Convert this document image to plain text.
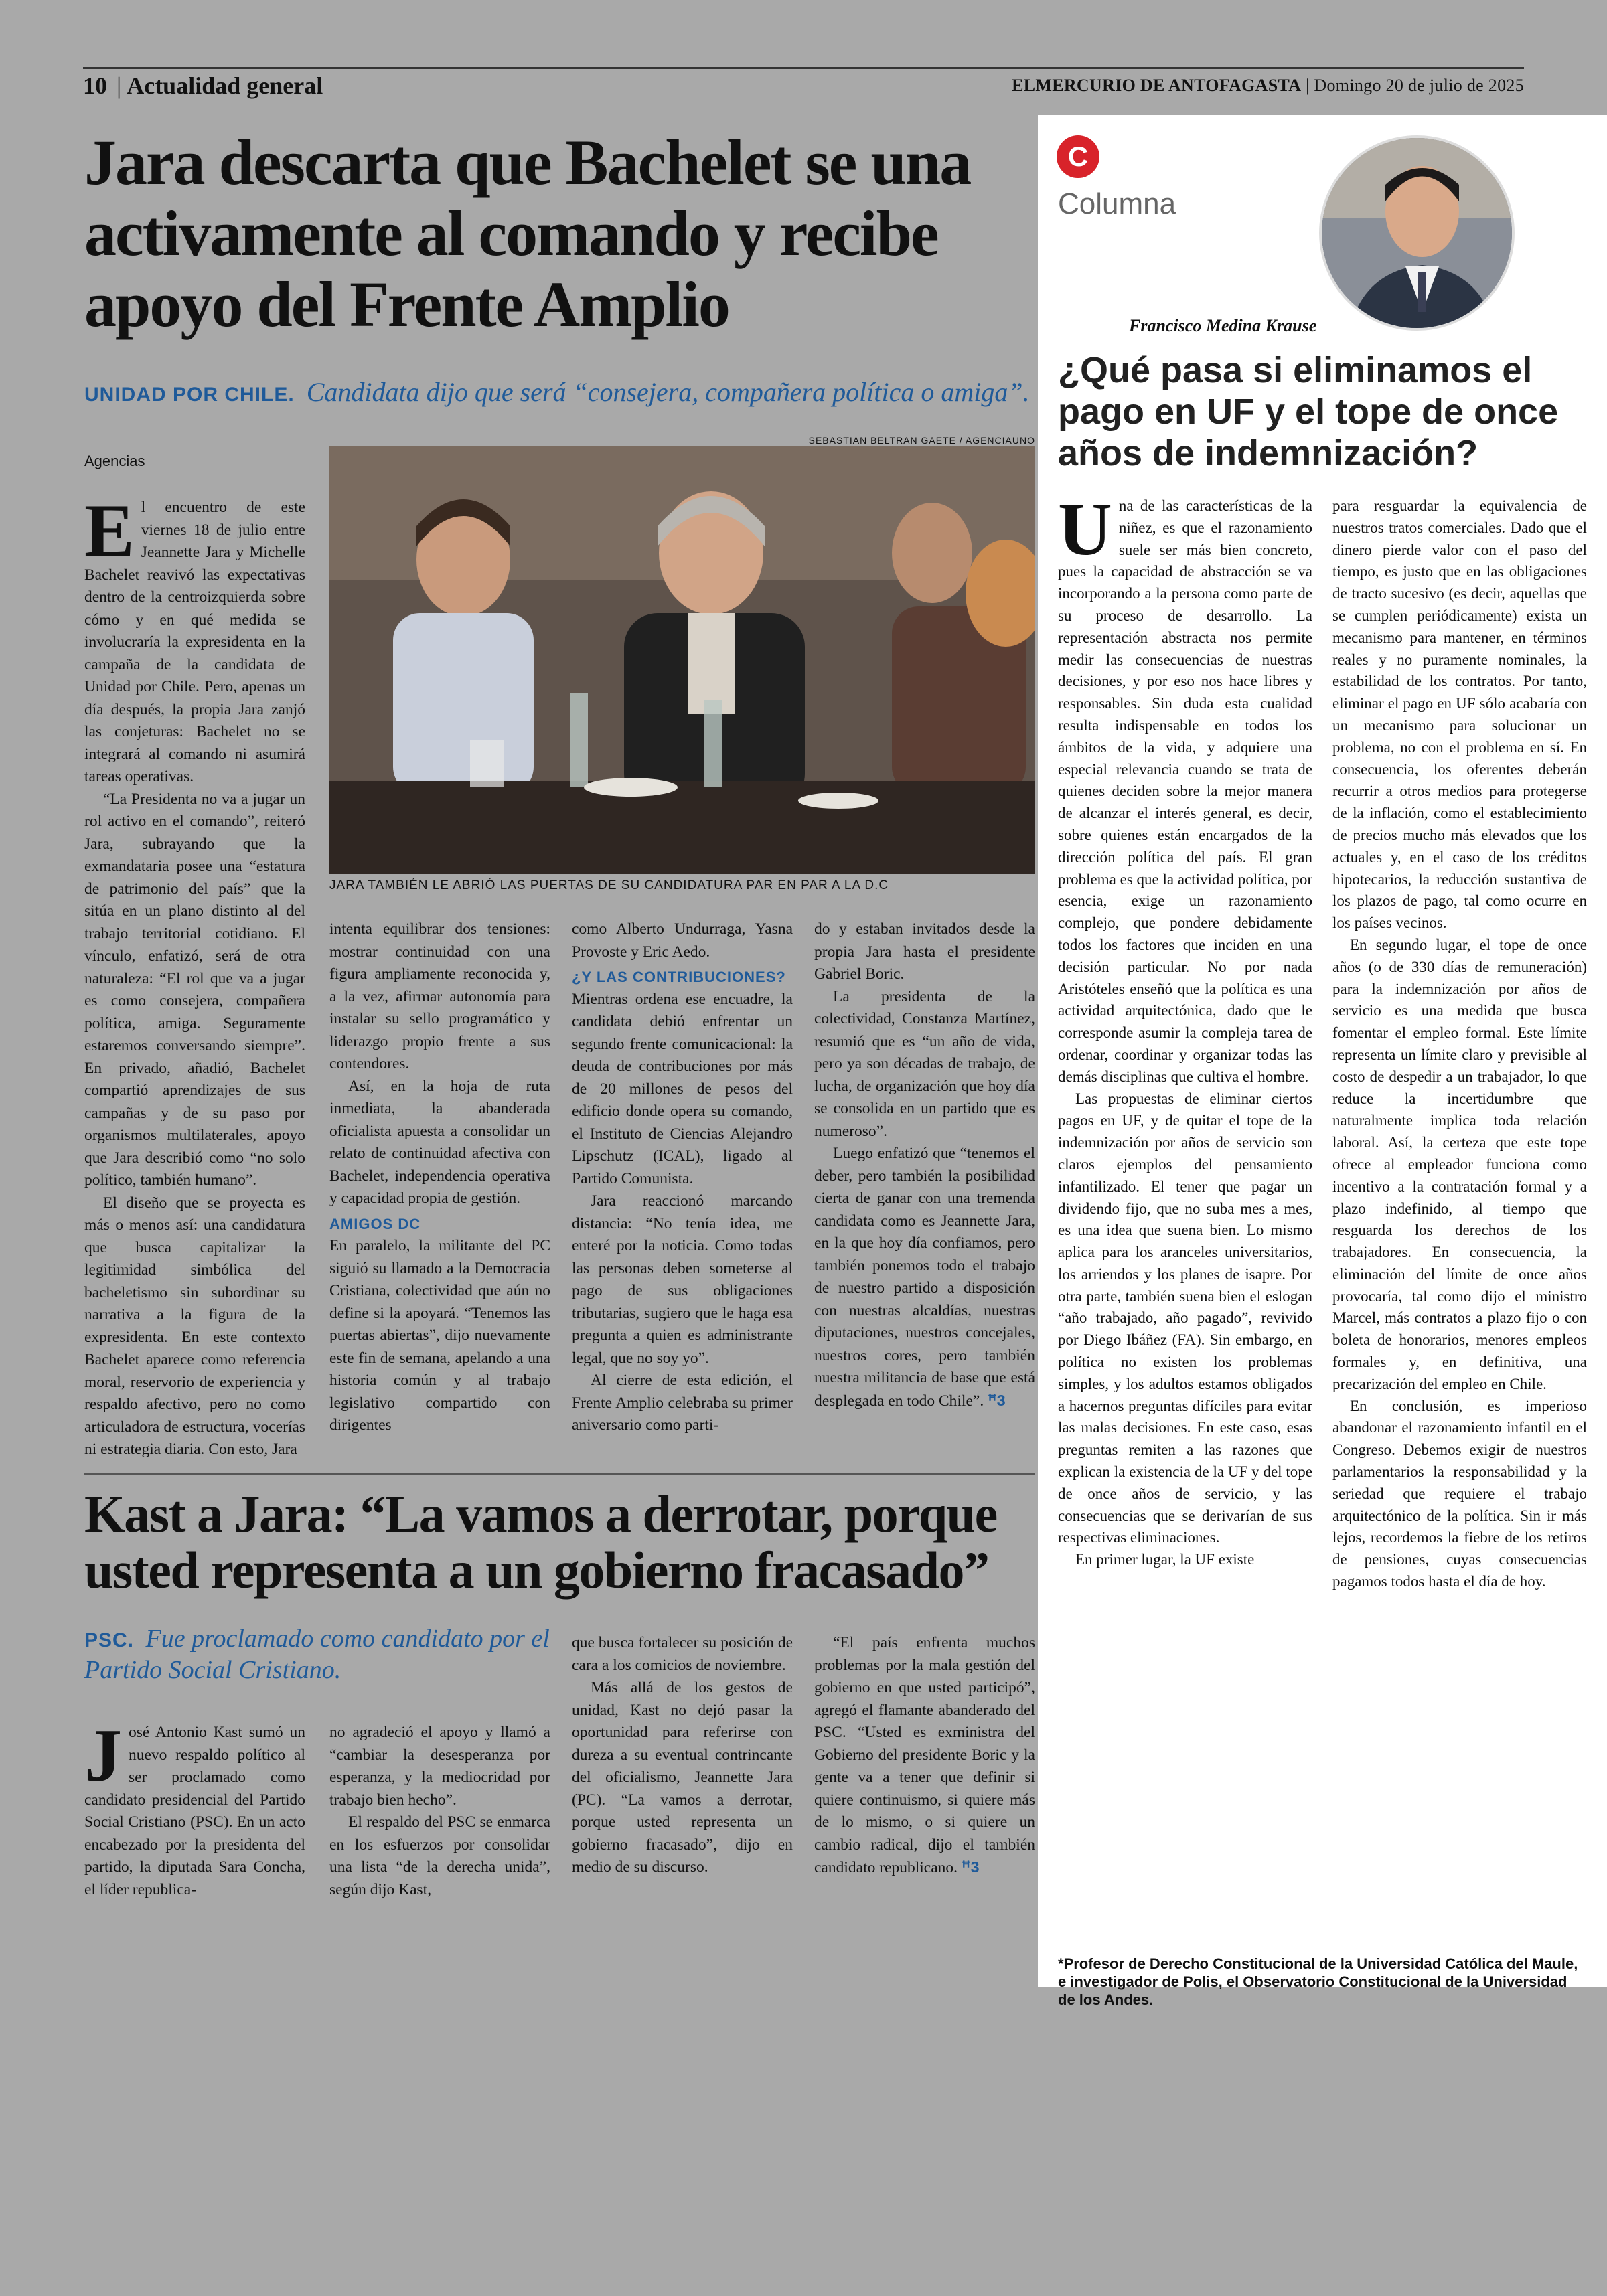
10 | Actualidad general	ELMERCURIO DE ANTOFAGASTA | Domingo 20 de julio de 2025
Jara descarta que Bachelet se una activamente al comando y recibe apoyo del Frente Amplio
UNIDAD POR CHILE. Candidata dijo que será “consejera, compañera política o amiga”.
Agencias
SEBASTIAN BELTRAN GAETE / AGENCIAUNO
JARA TAMBIÉN LE ABRIÓ LAS PUERTAS DE SU CANDIDATURA PAR EN PAR A LA D.C

El encuentro de este viernes 18 de julio entre Jeannette Jara y Michelle Bachelet reavivó las expectativas dentro de la centroizquierda sobre cómo y en qué medida se involucraría la expresidenta en la campaña de la candidata de Unidad por Chile. Pero, apenas un día después, la propia Jara zanjó las conjeturas: Bachelet no se integrará al comando ni asumirá tareas operativas.

“La Presidenta no va a jugar un rol activo en el comando”, reiteró Jara, subrayando que la exmandataria posee una “estatura de patrimonio del país” que la sitúa en un plano distinto al del trabajo territorial cotidiano. El vínculo, enfatizó, será de otra naturaleza: “El rol que va a jugar es como consejera, compañera política, amiga. Seguramente estaremos conversando siempre”. En privado, añadió, Bachelet compartió aprendizajes de sus campañas y de su paso por organismos multilaterales, apoyo que Jara describió como “no solo político, también humano”.

El diseño que se proyecta es más o menos así: una candidatura que busca capitalizar la legitimidad simbólica del bacheletismo sin subordinar su narrativa a la figura de la expresidenta. En este contexto Bachelet aparece como referencia moral, reservorio de experiencia y respaldo afectivo, pero no como articuladora de estructura, vocerías ni estrategia diaria. Con esto, Jara

intenta equilibrar dos tensiones: mostrar continuidad con una figura ampliamente reconocida y, a la vez, afirmar autonomía para instalar su sello programático y liderazgo propio frente a sus contendores.

Así, en la hoja de ruta inmediata, la abanderada oficialista apuesta a consolidar un relato de continuidad afectiva con Bachelet, independencia operativa y capacidad propia de gestión.

AMIGOS DC

En paralelo, la militante del PC siguió su llamado a la Democracia Cristiana, colectividad que aún no define si la apoyará. “Tenemos las puertas abiertas”, dijo nuevamente este fin de semana, apelando a una historia común y al trabajo legislativo compartido con dirigentes

como Alberto Undurraga, Yasna Provoste y Eric Aedo.

¿Y LAS CONTRIBUCIONES?

Mientras ordena ese encuadre, la candidata debió enfrentar un segundo frente comunicacional: la deuda de contribuciones por más de 20 millones de pesos del edificio donde opera su comando, el Instituto de Ciencias Alejandro Lipschutz (ICAL), ligado al Partido Comunista.

Jara reaccionó marcando distancia: “No tenía idea, me enteré por la noticia. Como todas las personas deben someterse al pago de sus obligaciones tributarias, sugiero que le haga esa pregunta a quien es administrante legal, que no soy yo”.

Al cierre de esta edición, el Frente Amplio celebraba su primer aniversario como parti-

do y estaban invitados desde la propia Jara hasta el presidente Gabriel Boric.

La presidenta de la colectividad, Constanza Martínez, resumió que es “un año de vida, pero ya son décadas de trabajo, de lucha, de organización que hoy día se consolida en un partido que es numeroso”.

Luego enfatizó que “tenemos el deber, pero también la posibilidad cierta de ganar con una tremenda candidata como es Jeannette Jara, en la que hoy día confiamos, pero también ponemos todo el trabajo de nuestro partido a disposición con nuestras alcaldías, nuestras diputaciones, nuestros concejales, nuestros cores, pero también nuestra militancia de base que está desplegada en todo Chile”. ꟸ3

Kast a Jara: “La vamos a derrotar, porque usted representa a un gobierno fracasado”
PSC. Fue proclamado como candidato por el Partido Social Cristiano.

José Antonio Kast sumó un nuevo respaldo político al ser proclamado como candidato presidencial del Partido Social Cristiano (PSC). En un acto encabezado por la presidenta del partido, la diputada Sara Concha, el líder republica-

no agradeció el apoyo y llamó a “cambiar la desesperanza por esperanza, y la mediocridad por trabajo bien hecho”.

El respaldo del PSC se enmarca en los esfuerzos por consolidar una lista “de la derecha unida”, según dijo Kast,

que busca fortalecer su posición de cara a los comicios de noviembre.

Más allá de los gestos de unidad, Kast no dejó pasar la oportunidad para referirse con dureza a su eventual contrincante del oficialismo, Jeannette Jara (PC). “La vamos a derrotar, porque usted representa un gobierno fracasado”, dijo en medio de su discurso.

“El país enfrenta muchos problemas por la mala gestión del gobierno en que usted participó”, agregó el flamante abanderado del PSC. “Usted es exministra del Gobierno del presidente Boric y la gente va a tener que definir si quiere continuismo, si quiere más de lo mismo, o si quiere un cambio radical, dijo el también candidato republicano. ꟸ3

C
Columna
Francisco Medina Krause
¿Qué pasa si eliminamos el pago en UF y el tope de once años de indemnización?

Una de las características de la niñez, es que el razonamiento suele ser más bien concreto, pues la capacidad de abstracción se va incorporando a la persona como parte de su proceso de desarrollo. La representación abstracta nos permite medir las consecuencias de nuestras decisiones, y por eso nos hace libres y responsables. Sin duda esta cualidad resulta indispensable en todos los ámbitos de la vida, y adquiere una especial relevancia cuando se trata de quienes deciden sobre la mejor manera de alcanzar el interés general, es decir, sobre quienes están encargados de la dirección política del país. El gran problema es que la actividad política, por esencia, exige un razonamiento complejo, que pondere debidamente todos los factores que inciden en una decisión particular. No por nada Aristóteles enseñó que la política es una actividad arquitectónica, dado que le corresponde asumir la compleja tarea de ordenar, coordinar y organizar todas las demás disciplinas que cultiva el hombre.

Las propuestas de eliminar ciertos pagos en UF, y de quitar el tope de la indemnización por años de servicio son claros ejemplos del pensamiento infantilizado. El tener que pagar un dividendo fijo, que no suba mes a mes, es una idea que suena bien. Lo mismo aplica para los aranceles universitarios, los arriendos y los planes de isapre. Por otra parte, también suena bien el eslogan “año trabajado, año pagado”, revivido por Diego Ibáñez (FA). Sin embargo, en política no existen los problemas simples, y los adultos estamos obligados a hacernos preguntas difíciles para evitar las malas decisiones. En este caso, esas preguntas remiten a las razones que explican la existencia de la UF y del tope de once años de servicio, y las consecuencias que se derivarían de sus respectivas eliminaciones.

En primer lugar, la UF existe

para resguardar la equivalencia de nuestros tratos comerciales. Dado que el dinero pierde valor con el paso del tiempo, es justo que en las obligaciones de tracto sucesivo (es decir, aquellas que se cumplen periódicamente) exista un mecanismo para mantener, en términos reales y no puramente nominales, la estabilidad de los contratos. Por tanto, eliminar el pago en UF sólo acabaría con un mecanismo para solucionar un problema, no con el problema en sí. En consecuencia, los oferentes deberán recurrir a otros medios para protegerse de la inflación, como el establecimiento de precios mucho más elevados que los actuales y, en el caso de los créditos hipotecarios, la reducción sustantiva de los plazos de pago, tal como ocurre en los países vecinos.

En segundo lugar, el tope de once años (o de 330 días de remuneración) para la indemnización por años de servicio es una medida que busca fomentar el empleo formal. Este límite representa un límite claro y previsible al costo de despedir a un trabajador, lo que reduce la incertidumbre que naturalmente implica toda relación laboral. Así, la certeza que este tope ofrece al empleador funciona como incentivo a la contratación formal y a plazo indefinido, al tiempo que resguarda los derechos de los trabajadores. En consecuencia, la eliminación del límite de once años provocaría, tal como dijo el ministro Marcel, más contratos a plazo fijo o con boleta de honorarios, menores empleos formales y, en definitiva, una precarización del empleo en Chile.

En conclusión, es imperioso abandonar el razonamiento infantil en el Congreso. Debemos exigir de nuestros parlamentarios la responsabilidad y la seriedad que requiere el trabajo arquitectónico de la política. Sin ir más lejos, recordemos la fiebre de los retiros de pensiones, cuyas consecuencias pagamos todos hasta el día de hoy.

*Profesor de Derecho Constitucional de la Universidad Católica del Maule, e investigador de Polis, el Observatorio Constitucional de la Universidad de los Andes.
